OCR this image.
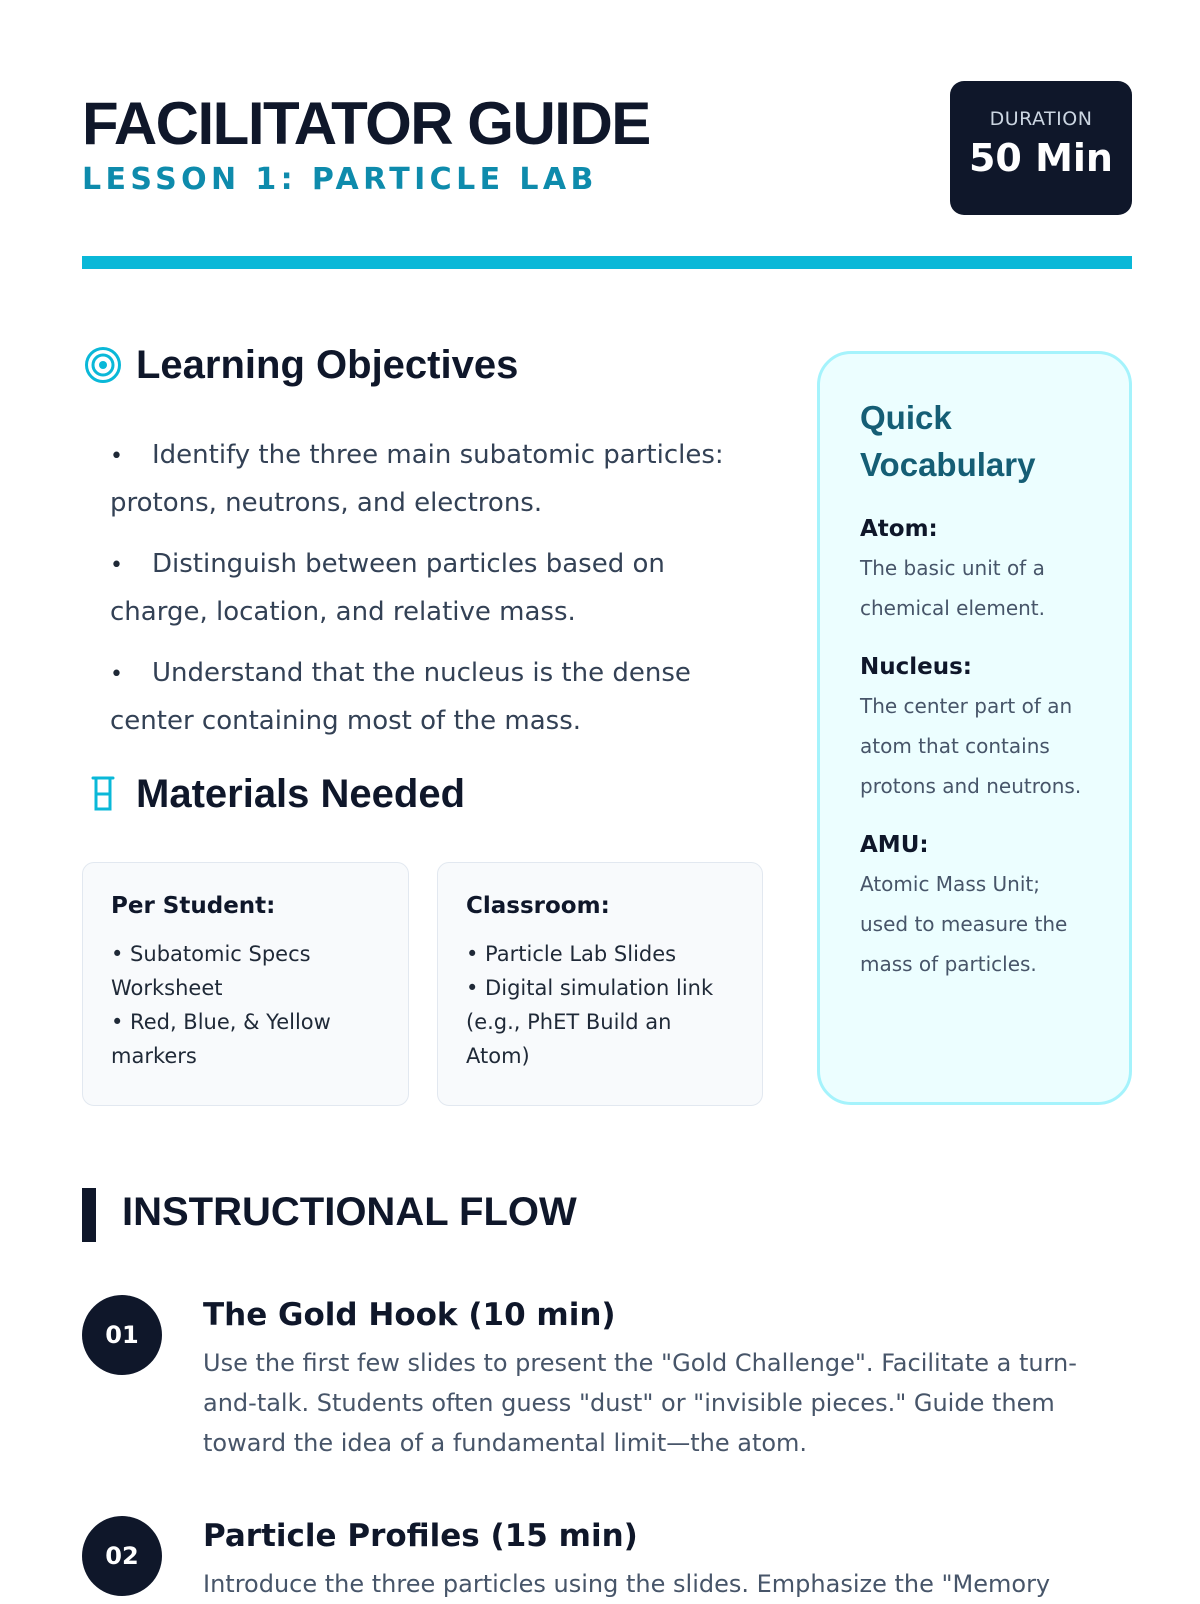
FACILITATOR GUIDE
LESSON 1: PARTICLE LAB
DURATION
50 Min
Learning Objectives
• Identify the three main subatomic particles: protons, neutrons, and electrons.
• Distinguish between particles based on charge, location, and relative mass.
• Understand that the nucleus is the dense center containing most of the mass.
Materials Needed
Per Student:
• Subatomic Specs Worksheet
• Red, Blue, & Yellow markers
Classroom:
• Particle Lab Slides
• Digital simulation link (e.g., PhET Build an Atom)
Quick Vocabulary
Atom:
The basic unit of a chemical element.
Nucleus:
The center part of an atom that contains protons and neutrons.
AMU:
Atomic Mass Unit; used to measure the mass of particles.
INSTRUCTIONAL FLOW
01
The Gold Hook (10 min)
Use the first few slides to present the "Gold Challenge". Facilitate a turn-and-talk. Students often guess "dust" or "invisible pieces." Guide them toward the idea of a fundamental limit—the atom.
02
Particle Profiles (15 min)
Introduce the three particles using the slides. Emphasize the "Memory
